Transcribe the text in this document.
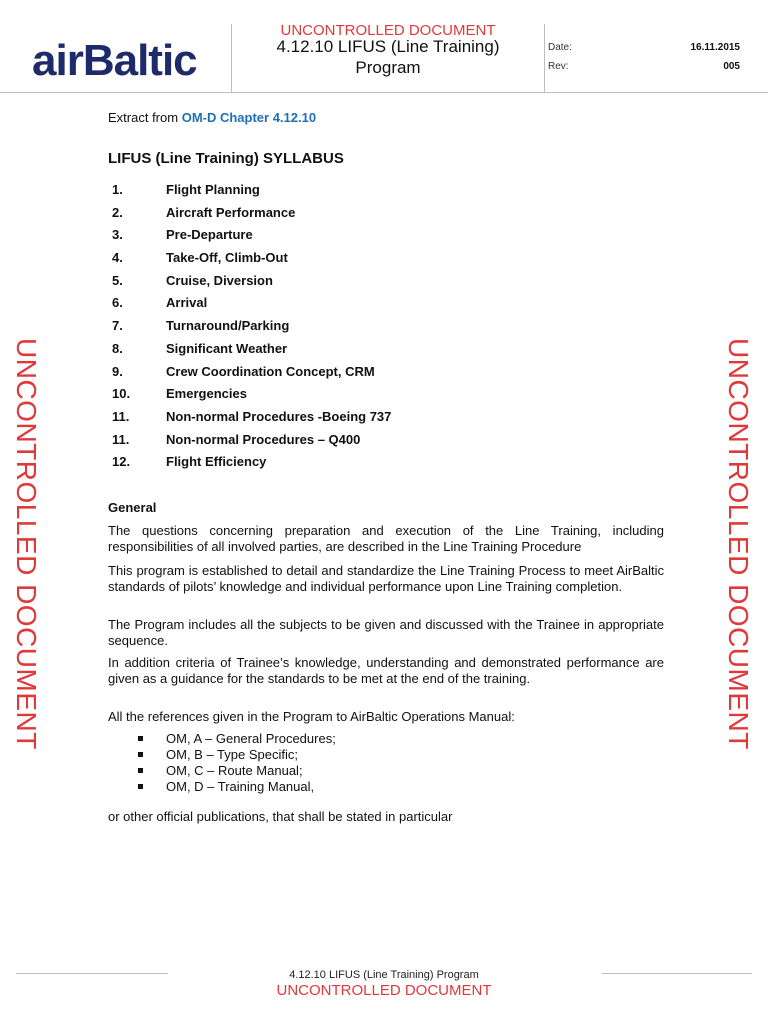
airBaltic
UNCONTROLLED DOCUMENT
4.12.10 LIFUS (Line Training)
Program
Date:	16.11.2015
Rev:	005
Extract from OM-D Chapter 4.12.10
LIFUS (Line Training) SYLLABUS
1.	Flight Planning
2.	Aircraft Performance
3.	Pre-Departure
4.	Take-Off, Climb-Out
5.	Cruise, Diversion
6.	Arrival
7.	Turnaround/Parking
8.	Significant Weather
9.	Crew Coordination Concept, CRM
10.	Emergencies
11.	Non-normal Procedures -Boeing 737
11.	Non-normal Procedures – Q400
12.	Flight Efficiency
General

The questions concerning preparation and execution of the Line Training, including responsibilities of all involved parties, are described in the Line Training Procedure

This program is established to detail and standardize the Line Training Process to meet AirBaltic standards of pilots’ knowledge and individual performance upon Line Training completion.

The Program includes all the subjects to be given and discussed with the Trainee in appropriate sequence.

In addition criteria of Trainee’s knowledge, understanding and demonstrated performance are given as a guidance for the standards to be met at the end of the training.

All the references given in the Program to AirBaltic Operations Manual:

OM, A – General Procedures;
OM, B – Type Specific;
OM, C – Route Manual;
OM, D – Training Manual,

or other official publications, that shall be stated in particular

UNCONTROLLED DOCUMENT	UNCONTROLLED DOCUMENT
4.12.10 LIFUS (Line Training) Program
UNCONTROLLED DOCUMENT
